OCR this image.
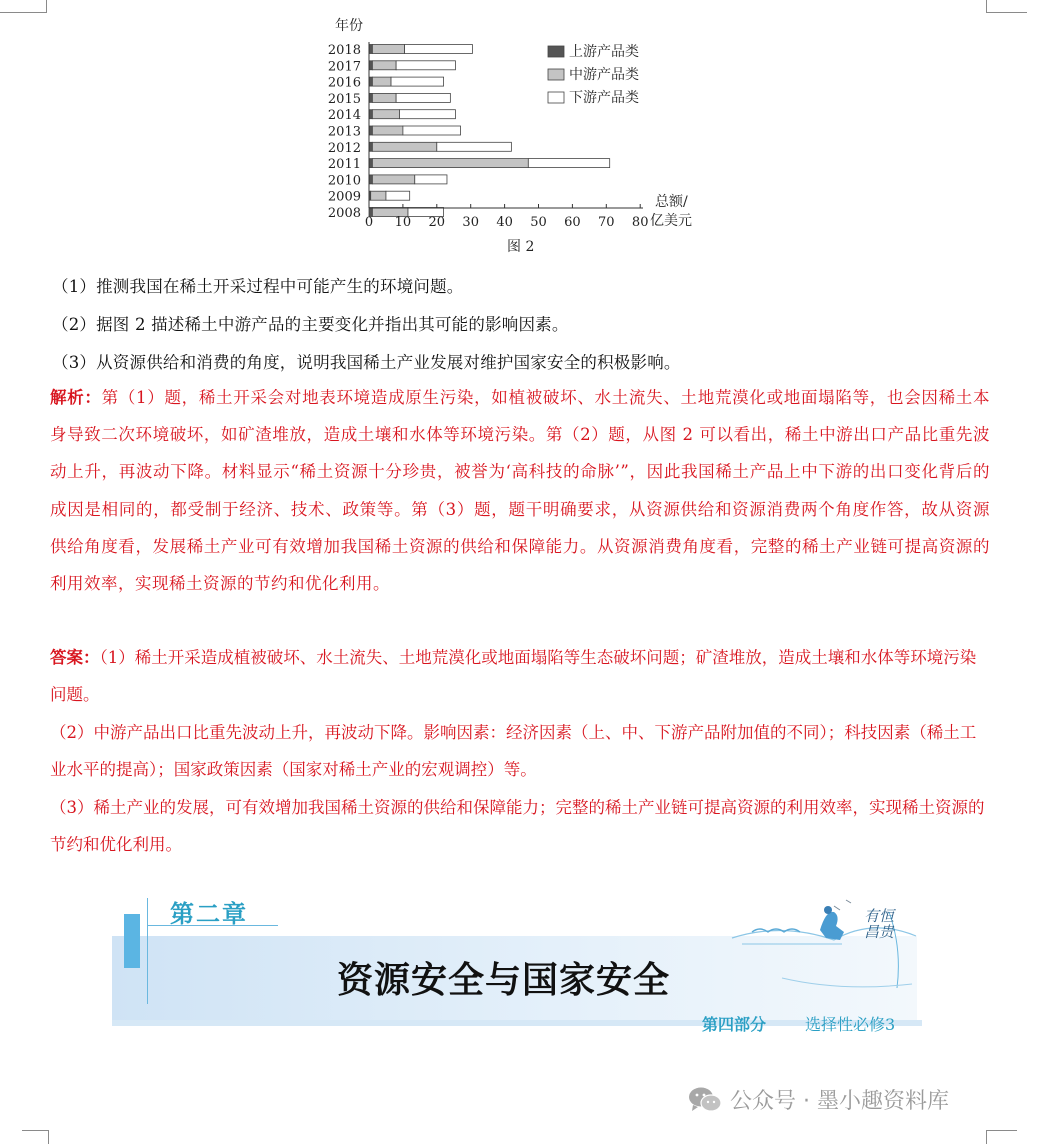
0 10 20 30 40 50 60 70 80
2018
2017
2016
2015
2014
2013
2012
2011
2010
2009
2008
年份
总额/
亿美元
图 2
上游产品类
中游产品类
下游产品类
（1）推测我国在稀土开采过程中可能产生的环境问题。
（2）据图 2 描述稀土中游产品的主要变化并指出其可能的影响因素。
（3）从资源供给和消费的角度，说明我国稀土产业发展对维护国家安全的积极影响。
解析：第（1）题，稀土开采会对地表环境造成原生污染，如植被破坏、水土流失、土地荒漠化或地面塌陷等，也会因稀土本身导致二次环境破坏，如矿渣堆放，造成土壤和水体等环境污染。第（2）题，从图 2 可以看出，稀土中游出口产品比重先波动上升，再波动下降。材料显示“稀土资源十分珍贵，被誉为‘高科技的命脉’”，因此我国稀土产品上中下游的出口变化背后的成因是相同的，都受制于经济、技术、政策等。第（3）题，题干明确要求，从资源供给和资源消费两个角度作答，故从资源供给角度看，发展稀土产业可有效增加我国稀土资源的供给和保障能力。从资源消费角度看，完整的稀土产业链可提高资源的利用效率，实现稀土资源的节约和优化利用。
答案：（1）稀土开采造成植被破坏、水土流失、土地荒漠化或地面塌陷等生态破坏问题；矿渣堆放，造成土壤和水体等环境污染问题。
（2）中游产品出口比重先波动上升，再波动下降。影响因素：经济因素（上、中、下游产品附加值的不同）；科技因素（稀土工业水平的提高）；国家政策因素（国家对稀土产业的宏观调控）等。
（3）稀土产业的发展，可有效增加我国稀土资源的供给和保障能力；完整的稀土产业链可提高资源的利用效率，实现稀土资源的节约和优化利用。
第二章
资源安全与国家安全
第四部分 选择性必修3
有恒 昌贵
公众号 · 墨小趣资料库
